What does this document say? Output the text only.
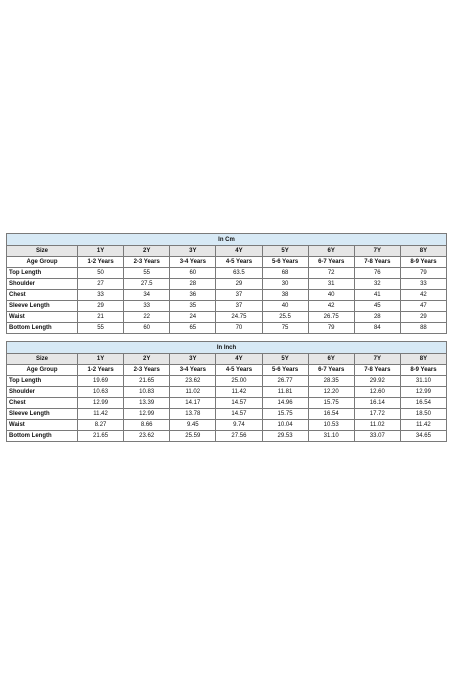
In Cm								
Size	1Y	2Y	3Y	4Y	5Y	6Y	7Y	8Y
Age Group	1-2 Years	2-3 Years	3-4 Years	4-5 Years	5-6 Years	6-7 Years	7-8 Years	8-9 Years
Top Length	50	55	60	63.5	68	72	76	79
Shoulder	27	27.5	28	29	30	31	32	33
Chest	33	34	36	37	38	40	41	42
Sleeve Length	29	33	35	37	40	42	45	47
Waist	21	22	24	24.75	25.5	26.75	28	29
Bottom Length	55	60	65	70	75	79	84	88
In Inch								
Size	1Y	2Y	3Y	4Y	5Y	6Y	7Y	8Y
Age Group	1-2 Years	2-3 Years	3-4 Years	4-5 Years	5-6 Years	6-7 Years	7-8 Years	8-9 Years
Top Length	19.69	21.65	23.62	25.00	26.77	28.35	29.92	31.10
Shoulder	10.63	10.83	11.02	11.42	11.81	12.20	12.60	12.99
Chest	12.99	13.39	14.17	14.57	14.96	15.75	16.14	16.54
Sleeve Length	11.42	12.99	13.78	14.57	15.75	16.54	17.72	18.50
Waist	8.27	8.66	9.45	9.74	10.04	10.53	11.02	11.42
Bottom Length	21.65	23.62	25.59	27.56	29.53	31.10	33.07	34.65
